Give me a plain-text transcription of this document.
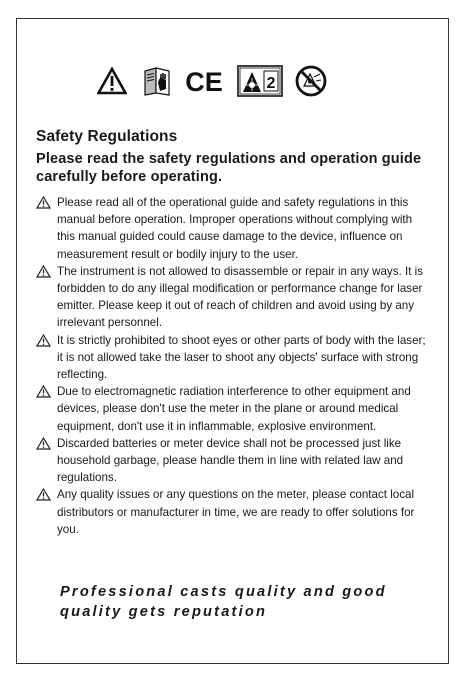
CE	2
Safety Regulations
Please read the safety regulations and operation guide carefully before operating.
Please read all of the operational guide and safety regulations in this manual before operation. Improper operations without complying with this manual guided could cause damage to the device, influence on measurement result or bodily injury to the user.
The instrument is not allowed to disassemble or repair in any ways. It is forbidden to do any illegal modification or performance change for laser emitter. Please keep it out of reach of children and avoid using by any irrelevant personnel.
It is strictly prohibited to shoot eyes or other parts of body with the laser; it is not allowed take the laser to shoot any objects' surface with strong reflecting.
Due to electromagnetic radiation interference to other equipment and devices, please don't use the meter in the plane or around medical equipment, don't use it in inflammable, explosive environment.
Discarded batteries or meter device shall not be processed just like household garbage, please handle them in line with related law and regulations.
Any quality issues or any questions on the meter, please contact local distributors or manufacturer in time, we are ready to offer solutions for you.
Professional casts quality and good quality gets reputation
